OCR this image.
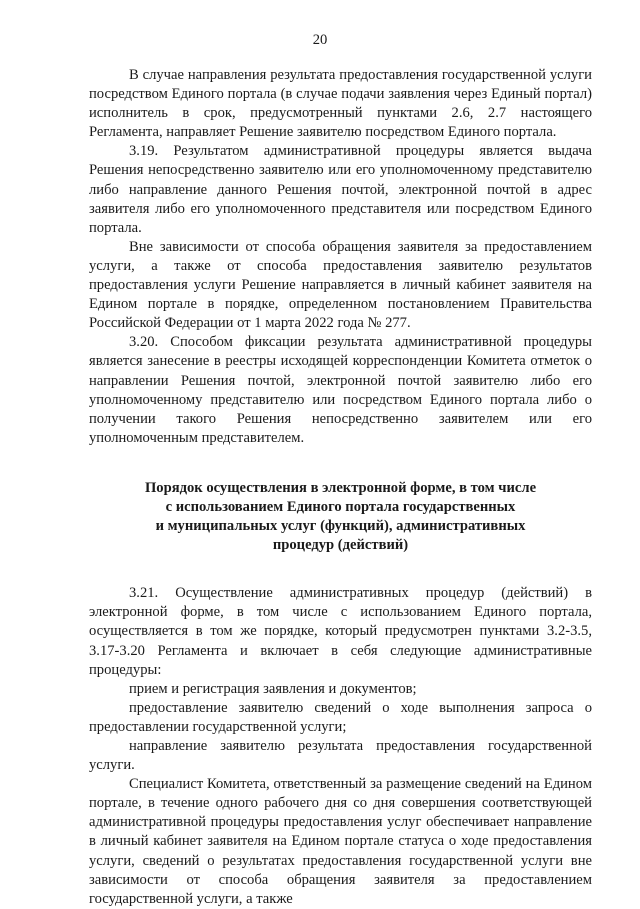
20

В случае направления результата предоставления государственной услуги посредством Единого портала (в случае подачи заявления через Единый портал) исполнитель в срок, предусмотренный пунктами 2.6, 2.7 настоящего Регламента, направляет Решение заявителю посредством Единого портала.

3.19. Результатом административной процедуры является выдача Решения непосредственно заявителю или его уполномоченному представителю либо направление данного Решения почтой, электронной почтой в адрес заявителя либо его уполномоченного представителя или посредством Единого портала.

Вне зависимости от способа обращения заявителя за предоставлением услуги, а также от способа предоставления заявителю результатов предоставления услуги Решение направляется в личный кабинет заявителя на Едином портале в порядке, определенном постановлением Правительства Российской Федерации от 1 марта 2022 года № 277.

3.20. Способом фиксации результата административной процедуры является занесение в реестры исходящей корреспонденции Комитета отметок о направлении Решения почтой, электронной почтой заявителю либо его уполномоченному представителю или посредством Единого портала либо о получении такого Решения непосредственно заявителем или его уполномоченным представителем.

Порядок осуществления в электронной форме, в том числе
с использованием Единого портала государственных
и муниципальных услуг (функций), административных
процедур (действий)

3.21. Осуществление административных процедур (действий) в электронной форме, в том числе с использованием Единого портала, осуществляется в том же порядке, который предусмотрен пунктами 3.2-3.5, 3.17-3.20 Регламента и включает в себя следующие административные процедуры:

прием и регистрация заявления и документов;

предоставление заявителю сведений о ходе выполнения запроса о предоставлении государственной услуги;

направление заявителю результата предоставления государственной услуги.

Специалист Комитета, ответственный за размещение сведений на Едином портале, в течение одного рабочего дня со дня совершения соответствующей административной процедуры предоставления услуг обеспечивает направление в личный кабинет заявителя на Едином портале статуса о ходе предоставления услуги, сведений о результатах предоставления государственной услуги вне зависимости от способа обращения заявителя за предоставлением государственной услуги, а также
